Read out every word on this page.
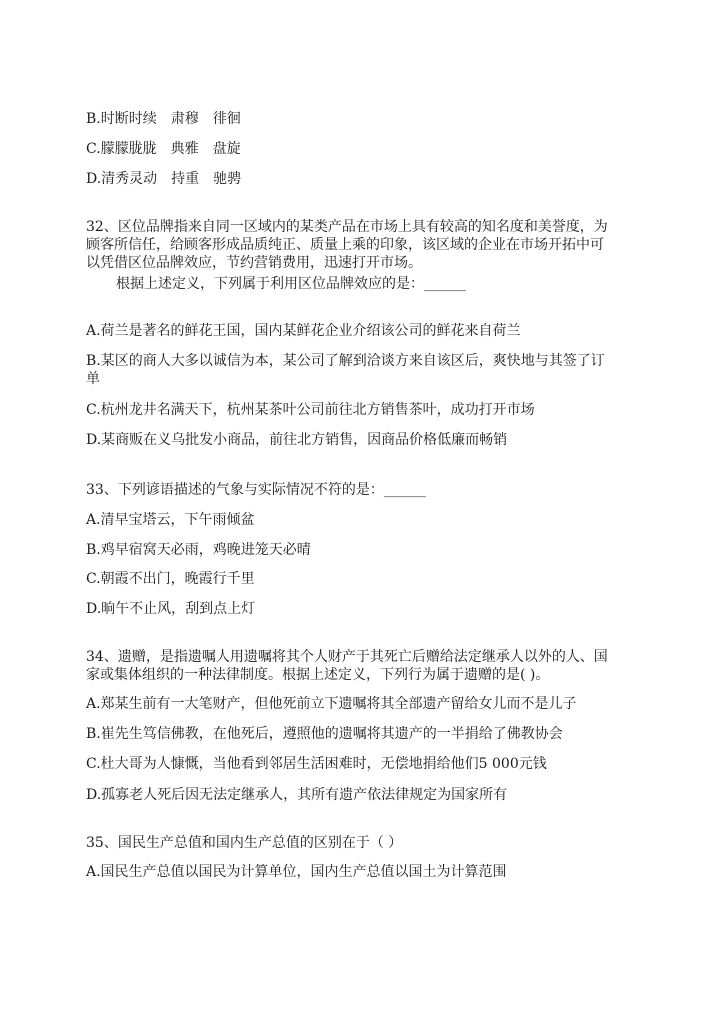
B.时断时续　肃穆　徘徊
C.朦朦胧胧　典雅　盘旋
D.清秀灵动　持重　驰骋
32、区位品牌指来自同一区域内的某类产品在市场上具有较高的知名度和美誉度，为
顾客所信任，给顾客形成品质纯正、质量上乘的印象，该区域的企业在市场开拓中可
以凭借区位品牌效应，节约营销费用，迅速打开市场。
根据上述定义，下列属于利用区位品牌效应的是：______
A.荷兰是著名的鲜花王国，国内某鲜花企业介绍该公司的鲜花来自荷兰
B.某区的商人大多以诚信为本，某公司了解到洽谈方来自该区后，爽快地与其签了订
单
C.杭州龙井名满天下，杭州某茶叶公司前往北方销售茶叶，成功打开市场
D.某商贩在义乌批发小商品，前往北方销售，因商品价格低廉而畅销
33、下列谚语描述的气象与实际情况不符的是：______
A.清早宝塔云，下午雨倾盆
B.鸡早宿窝天必雨，鸡晚进笼天必晴
C.朝霞不出门，晚霞行千里
D.晌午不止风，刮到点上灯
34、遗赠，是指遗嘱人用遗嘱将其个人财产于其死亡后赠给法定继承人以外的人、国
家或集体组织的一种法律制度。根据上述定义，下列行为属于遗赠的是( )。
A.郑某生前有一大笔财产，但他死前立下遗嘱将其全部遗产留给女儿而不是儿子
B.崔先生笃信佛教，在他死后，遵照他的遗嘱将其遗产的一半捐给了佛教协会
C.杜大哥为人慷慨，当他看到邻居生活困难时，无偿地捐给他们5 000元钱
D.孤寡老人死后因无法定继承人，其所有遗产依法律规定为国家所有
35、国民生产总值和国内生产总值的区别在于（ ）
A.国民生产总值以国民为计算单位，国内生产总值以国土为计算范围
